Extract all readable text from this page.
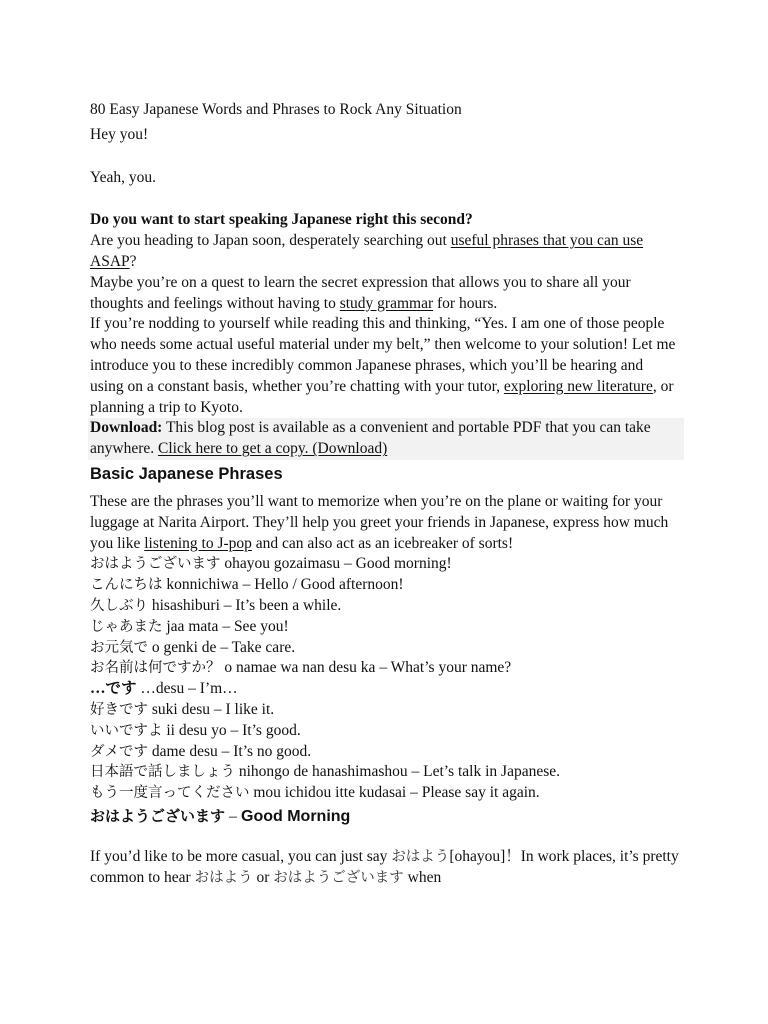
80 Easy Japanese Words and Phrases to Rock Any Situation

Hey you!

Yeah, you.

Do you want to start speaking Japanese right this second?

Are you heading to Japan soon, desperately searching out useful phrases that you can use ASAP?

Maybe you’re on a quest to learn the secret expression that allows you to share all your thoughts and feelings without having to study grammar for hours.

If you’re nodding to yourself while reading this and thinking, “Yes. I am one of those people who needs some actual useful material under my belt,” then welcome to your solution! Let me introduce you to these incredibly common Japanese phrases, which you’ll be hearing and using on a constant basis, whether you’re chatting with your tutor, exploring new literature, or planning a trip to Kyoto.

Download: This blog post is available as a convenient and portable PDF that you can take anywhere. Click here to get a copy. (Download)

Basic Japanese Phrases

These are the phrases you’ll want to memorize when you’re on the plane or waiting for your luggage at Narita Airport. They’ll help you greet your friends in Japanese, express how much you like listening to J-pop and can also act as an icebreaker of sorts!

おはようございます ohayou gozaimasu – Good morning!

こんにちは konnichiwa – Hello / Good afternoon!

久しぶり hisashiburi – It’s been a while.

じゃあまた jaa mata – See you!

お元気で o genki de – Take care.

お名前は何ですか？ o namae wa nan desu ka – What’s your name?

…です …desu – I’m…

好きです suki desu – I like it.

いいですよ ii desu yo – It’s good.

ダメです dame desu – It’s no good.

日本語で話しましょう nihongo de hanashimashou – Let’s talk in Japanese.

もう一度言ってください mou ichidou itte kudasai – Please say it again.

おはようございます – Good Morning

If you’d like to be more casual, you can just say おはよう[ohayou]！In work places, it’s pretty common to hear おはよう or おはようございます when
